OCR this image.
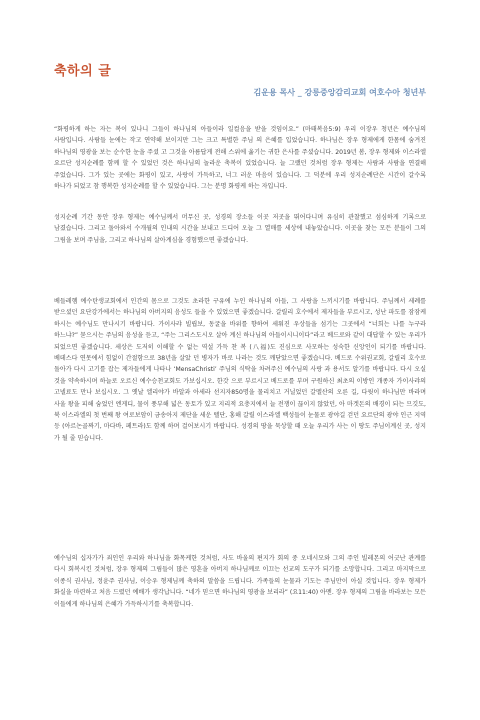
축하의 글
김운용 목사 _ 강릉중앙감리교회 여호수아 청년부

“화평하게 하는 자는 복이 있나니 그들이 하나님의 아들이라 일컬음을 받을 것임이요.” (마태복음5:9) 우리 이장우 청년은 예수님의 사람입니다. 사람들 눈에는 작고 연약해 보이지만 그는 크고 특별한 주님 의 은혜를 입었습니다. 하나님은 장우 형제에게 한몸에 숨겨진 하나님의 영광을 보는 순수한 눈을 주셨 고 그것을 아름답게 전해 스위에 옮기는 귀한 은사를 주셨습니다. 2019년 봄, 장우 형제와 이스라엘 요르단 성지순례를 함께 할 수 있었던 것은 하나님의 놀라운 축복이 있었습니다. 늘 그랬던 것처럼 장우 형제는 사람과 사람을 연결해 주었습니다. 그가 있는 곳에는 화평이 있고, 사랑이 가득하고, 너그 러운 마음이 있습니다. 그 덕분에 우리 성지순례단은 시간이 갈수록 하나가 되었고 참 행복한 성지순례를 할 수 있었습니다. 그는 분명 화평케 하는 자입니다.

성지순례 기간 동안 장우 형제는 예수님께서 머무신 곳, 성경의 장소들 이곳 저곳을 뛰어다니며 유심히 관찰했고 섬심하게 기록으로 남겼습니다. 그리고 돌아와서 수개월의 인내의 시간을 보내고 드디어 오늘 그 열매를 세상에 내놓았습니다. 이곳을 찾는 모든 분들이 그의 그림을 보며 주님을, 그리고 하나님의 살아계심을 경험했으면 좋겠습니다.

베들레헴 예수탄생교회에서 인간의 몸으로 그것도 초라한 구유에 누인 하나님의 아들, 그 사랑을 느끼시기를 바랍니다. 주님께서 세례를 받으셨던 요단강가에서는 하나님의 아버지의 음성도 들을 수 있었으면 좋겠습니다. 갈릴리 호수에서 제자들을 부르시고, 성난 파도를 잠잠케 하시는 예수님도 만나시기 바랍니다. 가이사랴 빌립보, 동굴을 바위를 향하여 세워진 우상들을 섬기는 그곳에서 “너희는 나를 누구라 하느냐?” 묻으시는 주님의 음성을 듣고, “주는 그리스도시오 살아 계신 하나님의 아들이시니이다”라고 베드로와 같이 대답할 수 있는 우리가 되었으면 좋겠습니다. 세상은 도저히 이해할 수 없는 역설 가득 찬 복 (八福)도 진심으로 사모하는 성숙한 신앙인이 되기를 바랍니다. 베데스다 연못에서 힘없이 간절함으로 38년을 살았 던 병자가 바로 나라는 것도 깨닫았으면 좋겠습니다. 베드로 수위권교회, 갈릴리 호수로 돌아가 다시 고기를 잡는 제자들에게 나타나 ‘MensaChristi’ 주님의 식탁을 차려주신 예수님의 사랑 과 용서도 알기를 바랍니다. 다시 오실 것을 약속하시며 하늘로 오르신 예수승천교회도 가보십시오. 한갓 으로 부르시고 베드로를 부며 구원하신 최초의 이방인 개종자 가이사랴의 고넬료도 만나 보십시오. 그 옛날 엘리야가 바알과 아세라 선지자850명을 물리치고 거닐었던 갈멜산의 오른 길, 다윗이 하나님만 바라며 사울 왕을 피해 숨었던 엔게디, 물이 풍부해 넓은 동토가 있고 지리적 요충지에서 늘 전쟁이 끊이지 않았던, 아 마겟돈의 배경이 되는 므깃도, 북 이스라엘의 첫 번째 왕 여로보암이 금송아지 제단을 세운 텔단, 홍해 갈릴 이스라엘 백성들이 눈물로 광야길 걷던 요르단의 광야 인근 지역 등 (아르논골짜기, 마다바, 페트라)도 함께 하며 걸어보시기 바랍니다. 성경의 땅을 묵상할 때 오늘 우리가 사는 이 땅도 주님이계신 곳, 성지 가 될 줄 믿습니다.

예수님의 십자가가 죄인인 우리와 하나님을 화목케한 것처럼, 사도 바울의 편지가 회의 중 오네시모와 그의 주인 빌레몬의 어긋난 관계를 다시 회복시킨 것처럼, 장우 형제의 그림들이 많은 영혼을 아버지 하나님께로 이끄는 선교의 도구가 되기를 소망합니다. 그리고 마지막으로 이종식 권사님, 정윤주 권사님, 이승우 형제님께 축하의 말씀을 드립니다. 가족들의 눈물과 기도는 주님만이 아실 것입니다. 장우 형제가 화실을 마련하고 처음 드렸던 예배가 생각납니다. “네가 믿으면 하나님의 영광을 보리라” (요11:40) 아멘. 장우 형제의 그림을 바라보는 모든 이들에게 하나님의 은혜가 가득하시기를 축복합니다.
